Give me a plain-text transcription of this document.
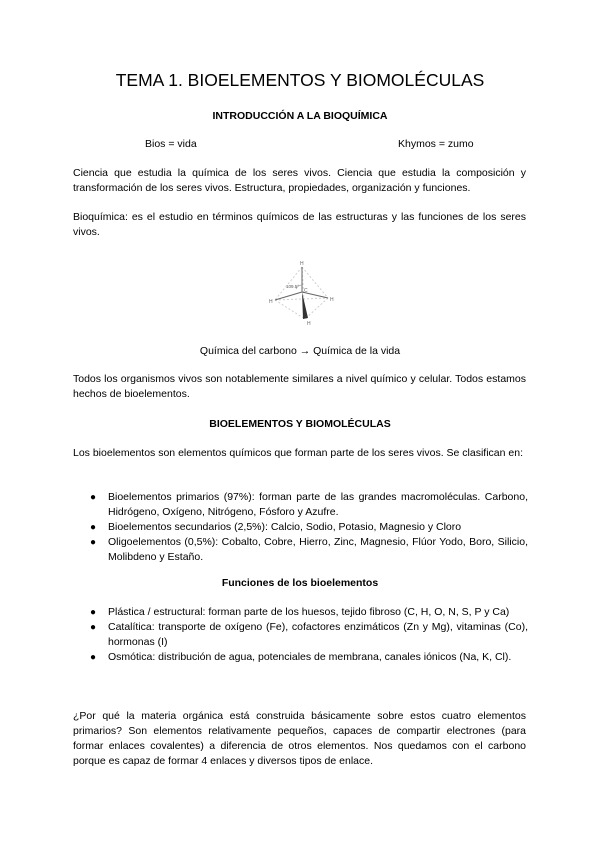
TEMA 1. BIOELEMENTOS Y BIOMOLÉCULAS
INTRODUCCIÓN A LA BIOQUÍMICA

Bios = vida	Khymos = zumo

Ciencia que estudia la química de los seres vivos. Ciencia que estudia la composición y transformación de los seres vivos. Estructura, propiedades, organización y funciones.

Bioquímica: es el estudio en términos químicos de las estructuras y las funciones de los seres vivos.

109.5°
H
C
H	H
H

Química del carbono → Química de la vida

Todos los organismos vivos son notablemente similares a nivel químico y celular. Todos estamos hechos de bioelementos.

BIOELEMENTOS Y BIOMOLÉCULAS

Los bioelementos son elementos químicos que forman parte de los seres vivos. Se clasifican en:

● Bioelementos primarios (97%): forman parte de las grandes macromoléculas. Carbono, Hidrógeno, Oxígeno, Nitrógeno, Fósforo y Azufre.
● Bioelementos secundarios (2,5%): Calcio, Sodio, Potasio, Magnesio y Cloro
● Oligoelementos (0,5%): Cobalto, Cobre, Hierro, Zinc, Magnesio, Flúor Yodo, Boro, Silicio, Molibdeno y Estaño.
Funciones de los bioelementos
● Plástica / estructural: forman parte de los huesos, tejido fibroso (C, H, O, N, S, P y Ca)
● Catalítica: transporte de oxígeno (Fe), cofactores enzimáticos (Zn y Mg), vitaminas (Co), hormonas (I)
● Osmótica: distribución de agua, potenciales de membrana, canales iónicos (Na, K, Cl).

¿Por qué la materia orgánica está construida básicamente sobre estos cuatro elementos primarios? Son elementos relativamente pequeños, capaces de compartir electrones (para formar enlaces covalentes) a diferencia de otros elementos. Nos quedamos con el carbono porque es capaz de formar 4 enlaces y diversos tipos de enlace.
